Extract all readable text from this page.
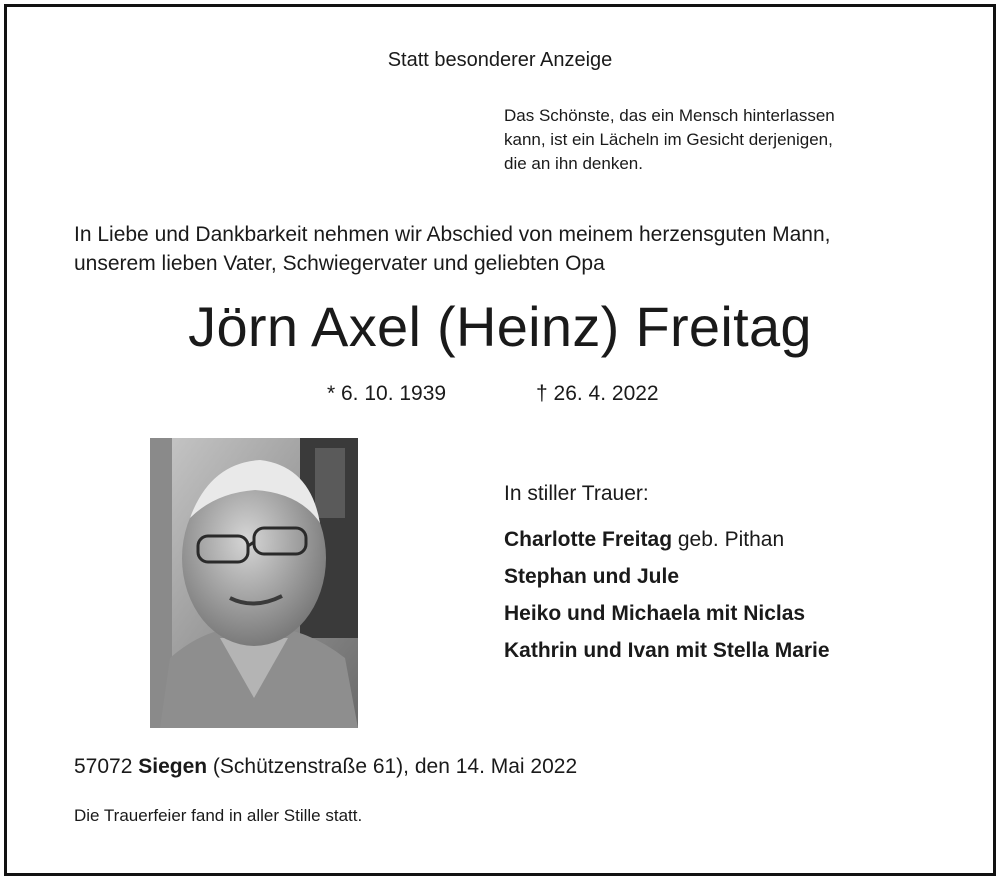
Statt besonderer Anzeige
Das Schönste, das ein Mensch hinterlassen
kann, ist ein Lächeln im Gesicht derjenigen,
die an ihn denken.
In Liebe und Dankbarkeit nehmen wir Abschied von meinem herzensguten Mann,
unserem lieben Vater, Schwiegervater und geliebten Opa
Jörn Axel (Heinz) Freitag
* 6. 10. 1939	† 26. 4. 2022
In stiller Trauer:
Charlotte Freitag geb. Pithan
Stephan und Jule
Heiko und Michaela mit Niclas
Kathrin und Ivan mit Stella Marie
57072 Siegen (Schützenstraße 61), den 14. Mai 2022
Die Trauerfeier fand in aller Stille statt.
